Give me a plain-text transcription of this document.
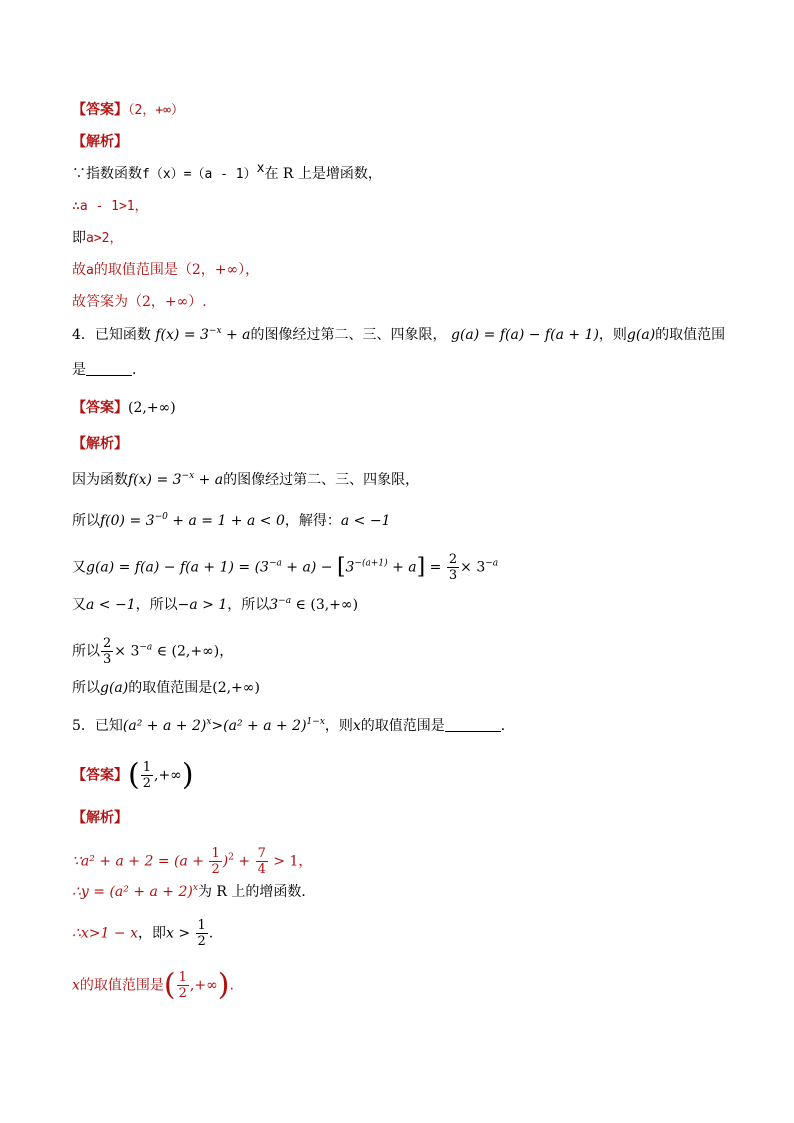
【答案】（2，+∞）
【解析】
∵指数函数f（x）=（a - 1）$^x$在 R 上是增函数，
∴a - 1>1，
即a>2，
故a的取值范围是（2，+∞），
故答案为（2，+∞）.
4．已知函数 $f(x) = 3^{-x} + a$的图像经过第二、三、四象限， g(a) = f(a) − f(a + 1)，则g(a)的取值范围
是	．
【答案】(2,+∞)
【解析】
因为函数$f(x) = 3^{-x} + a$的图像经过第二、三、四象限，
所以$f(0) = 3^{-0} + a = 1 + a < 0$，解得：a < −1
又$g(a) = f(a) - f(a + 1) = (3^{-a} + a) - [3^{-(a+1)} + a] = \frac{2}{3} \times 3^{-a}$
又a < −1，所以−a > 1，所以$3^{-a}$ ∈ (3,+∞)
所以 $\frac{2}{3} \times 3^{-a}$ ∈ (2,+∞)，
所以g(a)的取值范围是(2,+∞)
5．已知$(a^2 + a + 2)^x>(a^2 + a + 2)^{1-x}$，则x的取值范围是	．
【答案】( $\frac{1}{2}$ ,+∞)
【解析】
∵a² + $a + 2 = (a + \frac{1}{2} )^2 + \frac{7}{4} > 1$，
∴y = $(a^2 + a + 2)^x$为 R 上的增函数．
∴x>1 − x，即$x > \frac{1}{2}$ .
x的取值范围是( $\frac{1}{2}$ ,+∞).
